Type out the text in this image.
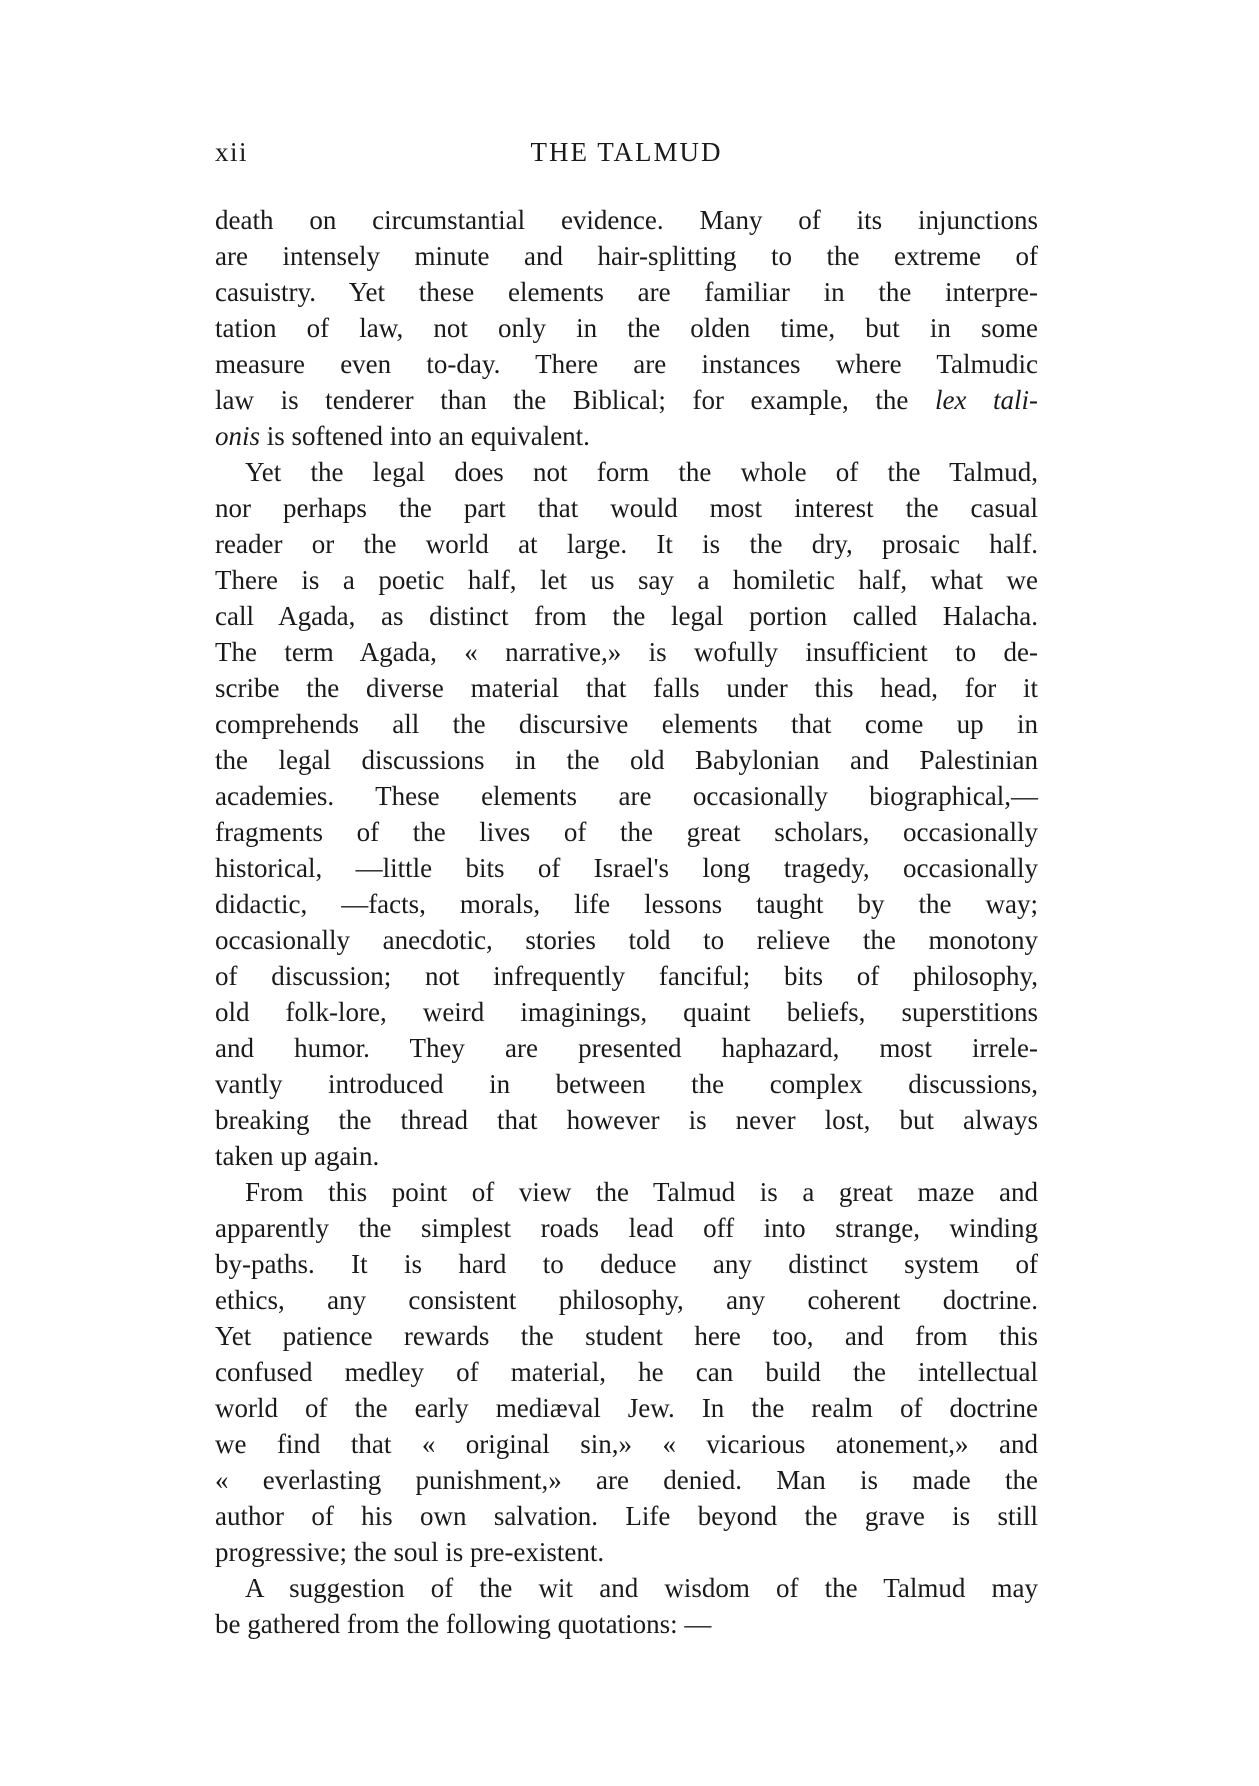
xii	THE TALMUD
death on circumstantial evidence. Many of its injunctions
are intensely minute and hair-splitting to the extreme of
casuistry. Yet these elements are familiar in the interpre-
tation of law, not only in the olden time, but in some
measure even to-day. There are instances where Talmudic
law is tenderer than the Biblical; for example, the lex tali-
onis is softened into an equivalent.
Yet the legal does not form the whole of the Talmud,
nor perhaps the part that would most interest the casual
reader or the world at large. It is the dry, prosaic half.
There is a poetic half, let us say a homiletic half, what we
call Agada, as distinct from the legal portion called Halacha.
The term Agada, « narrative,» is wofully insufficient to de-
scribe the diverse material that falls under this head, for it
comprehends all the discursive elements that come up in
the legal discussions in the old Babylonian and Palestinian
academies. These elements are occasionally biographical,—
fragments of the lives of the great scholars, occasionally
historical, —little bits of Israel's long tragedy, occasionally
didactic, —facts, morals, life lessons taught by the way;
occasionally anecdotic, stories told to relieve the monotony
of discussion; not infrequently fanciful; bits of philosophy,
old folk-lore, weird imaginings, quaint beliefs, superstitions
and humor. They are presented haphazard, most irrele-
vantly introduced in between the complex discussions,
breaking the thread that however is never lost, but always
taken up again.
From this point of view the Talmud is a great maze and
apparently the simplest roads lead off into strange, winding
by-paths. It is hard to deduce any distinct system of
ethics, any consistent philosophy, any coherent doctrine.
Yet patience rewards the student here too, and from this
confused medley of material, he can build the intellectual
world of the early mediæval Jew. In the realm of doctrine
we find that « original sin,» « vicarious atonement,» and
« everlasting punishment,» are denied. Man is made the
author of his own salvation. Life beyond the grave is still
progressive; the soul is pre-existent.
A suggestion of the wit and wisdom of the Talmud may
be gathered from the following quotations: —
